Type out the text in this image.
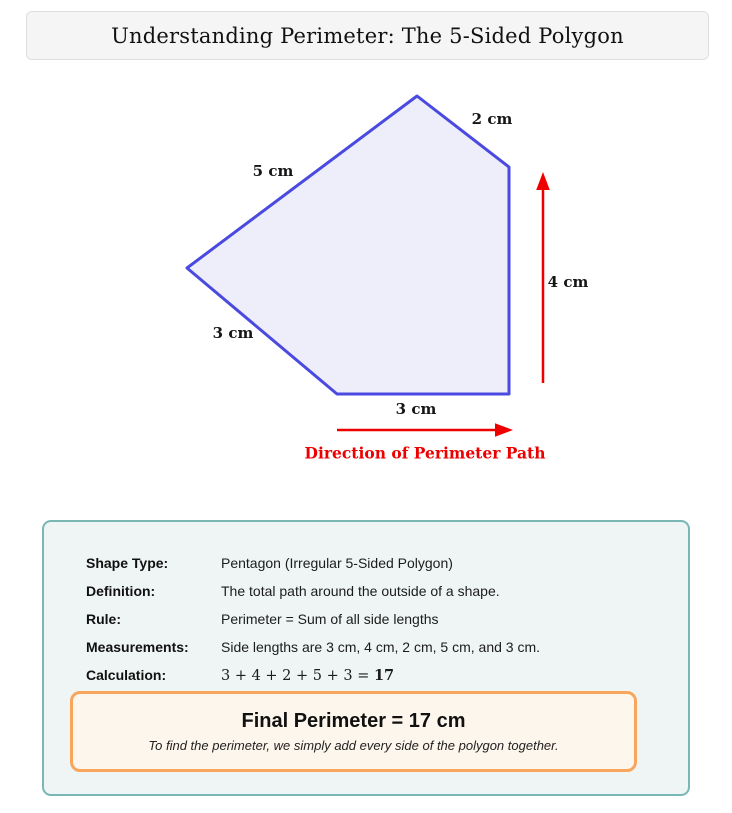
Understanding Perimeter: The 5-Sided Polygon
2 cm
5 cm
3 cm
3 cm
4 cm
Direction of Perimeter Path
Shape Type:	Pentagon (Irregular 5-Sided Polygon)
Definition:	The total path around the outside of a shape.
Rule:	Perimeter = Sum of all side lengths
Measurements:	Side lengths are 3 cm, 4 cm, 2 cm, 5 cm, and 3 cm.
Calculation:	3 + 4 + 2 + 5 + 3 = 17
Final Perimeter = 17 cm
To find the perimeter, we simply add every side of the polygon together.
